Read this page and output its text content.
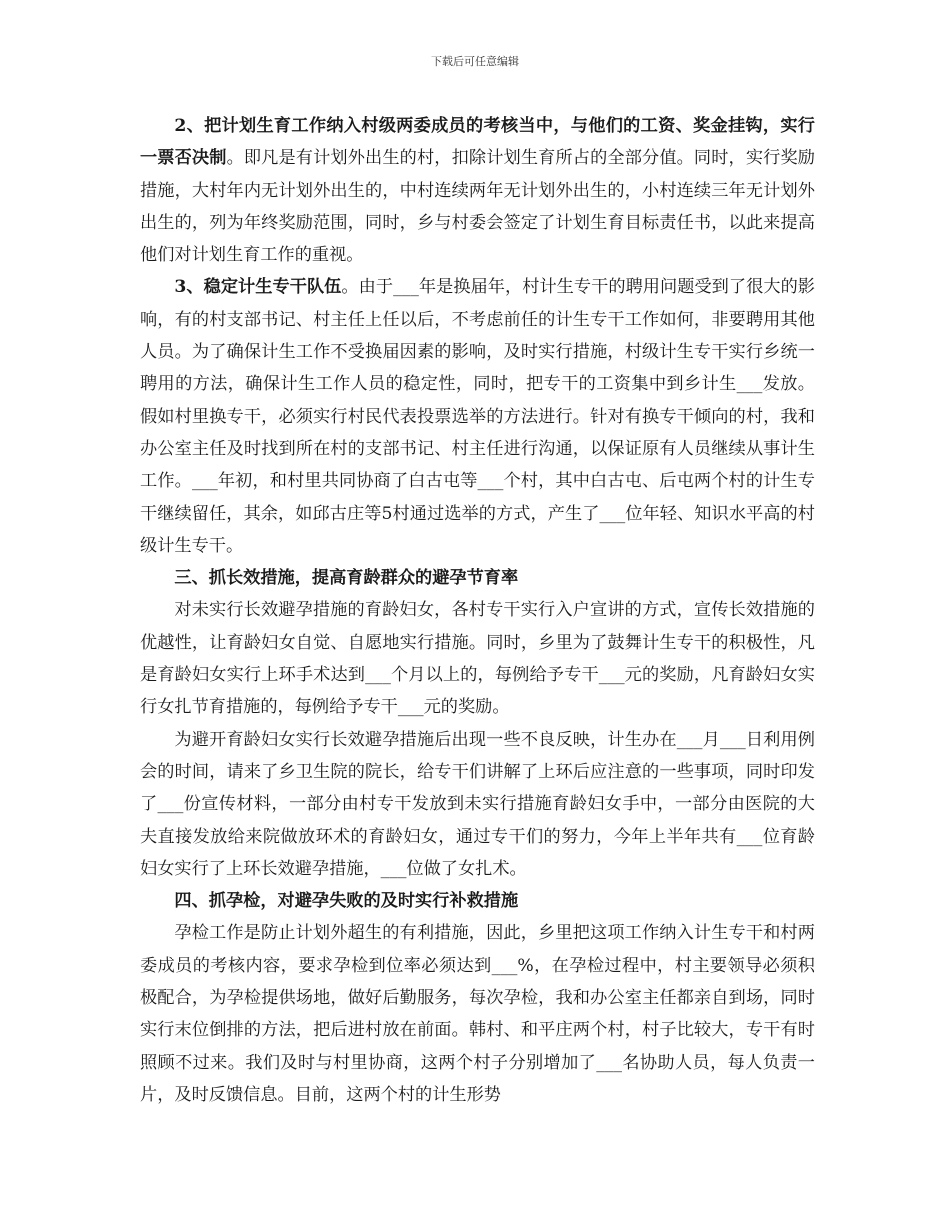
下载后可任意编辑

2、把计划生育工作纳入村级两委成员的考核当中，与他们的工资、奖金挂钩，实行一票否决制。即凡是有计划外出生的村，扣除计划生育所占的全部分值。同时，实行奖励措施，大村年内无计划外出生的，中村连续两年无计划外出生的，小村连续三年无计划外出生的，列为年终奖励范围，同时，乡与村委会签定了计划生育目标责任书，以此来提高他们对计划生育工作的重视。

3、稳定计生专干队伍。由于___年是换届年，村计生专干的聘用问题受到了很大的影响，有的村支部书记、村主任上任以后，不考虑前任的计生专干工作如何，非要聘用其他人员。为了确保计生工作不受换届因素的影响，及时实行措施，村级计生专干实行乡统一聘用的方法，确保计生工作人员的稳定性，同时，把专干的工资集中到乡计生___发放。假如村里换专干，必须实行村民代表投票选举的方法进行。针对有换专干倾向的村，我和办公室主任及时找到所在村的支部书记、村主任进行沟通，以保证原有人员继续从事计生工作。___年初，和村里共同协商了白古屯等___个村，其中白古屯、后屯两个村的计生专干继续留任，其余，如邱古庄等5村通过选举的方式，产生了___位年轻、知识水平高的村级计生专干。

三、抓长效措施，提高育龄群众的避孕节育率

对未实行长效避孕措施的育龄妇女，各村专干实行入户宣讲的方式，宣传长效措施的优越性，让育龄妇女自觉、自愿地实行措施。同时，乡里为了鼓舞计生专干的积极性，凡是育龄妇女实行上环手术达到___个月以上的，每例给予专干___元的奖励，凡育龄妇女实行女扎节育措施的，每例给予专干___元的奖励。

为避开育龄妇女实行长效避孕措施后出现一些不良反映，计生办在___月___日利用例会的时间，请来了乡卫生院的院长，给专干们讲解了上环后应注意的一些事项，同时印发了___份宣传材料，一部分由村专干发放到未实行措施育龄妇女手中，一部分由医院的大夫直接发放给来院做放环术的育龄妇女，通过专干们的努力，今年上半年共有___位育龄妇女实行了上环长效避孕措施，___位做了女扎术。

四、抓孕检，对避孕失败的及时实行补救措施

孕检工作是防止计划外超生的有利措施，因此，乡里把这项工作纳入计生专干和村两委成员的考核内容，要求孕检到位率必须达到___%，在孕检过程中，村主要领导必须积极配合，为孕检提供场地，做好后勤服务，每次孕检，我和办公室主任都亲自到场，同时实行末位倒排的方法，把后进村放在前面。韩村、和平庄两个村，村子比较大，专干有时照顾不过来。我们及时与村里协商，这两个村子分别增加了___名协助人员，每人负责一片，及时反馈信息。目前，这两个村的计生形势
